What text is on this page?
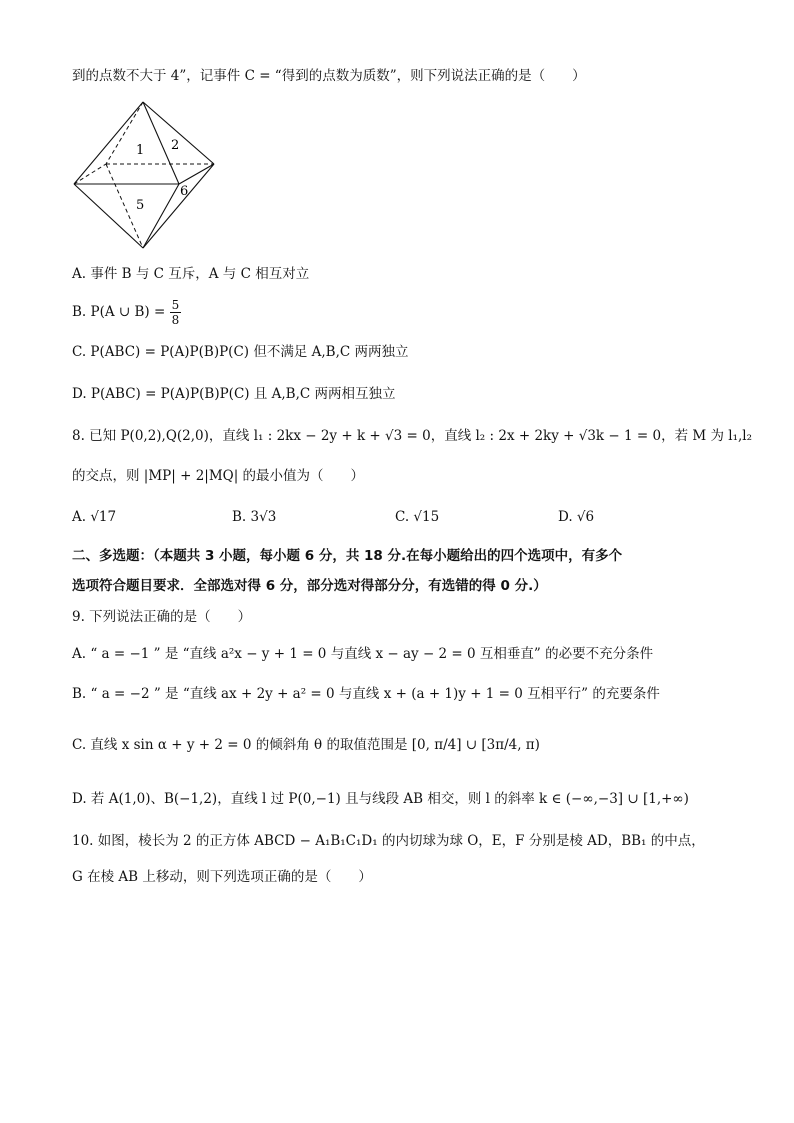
到的点数不大于 4”，记事件 C = “得到的点数为质数”，则下列说法正确的是（　　）
1 2
5
6
A. 事件 B 与 C 互斥，A 与 C 相互对立
B. P(A ∪ $B) = \frac{5}{8}$
C. P(ABC) = P(A)P(B)P(C) 但不满足 A,B,C 两两独立
D. P(ABC) = P(A)P(B)P(C) 且 A,B,C 两两相互独立
8. 已知 P(0,2),Q(2,0)，直线 l₁ : 2kx − 2y + k + √3 = 0，直线 l₂ : 2x + 2ky + √3k − 1 = 0，若 M 为 l₁,l₂
的交点，则 |MP| + 2|MQ| 的最小值为（　　）
A. √17	B. 3√3	C. √15	D. √6
二、多选题：（本题共 3 小题，每小题 6 分，共 18 分.在每小题给出的四个选项中，有多个
选项符合题目要求．全部选对得 6 分，部分选对得部分分，有选错的得 0 分.）
9. 下列说法正确的是（　　）
A. “ a = −1 ” 是 “直线 a²x − y + 1 = 0 与直线 x − ay − 2 = 0 互相垂直” 的必要不充分条件
B. “ a = −2 ” 是 “直线 ax + 2y + a² = 0 与直线 x + (a + 1)y + 1 = 0 互相平行” 的充要条件
C. 直线 x sin α + y + 2 = 0 的倾斜角 θ 的取值范围是 [0, π/4] ∪ [3π/4, π)
D. 若 A(1,0)、B(−1,2)，直线 l 过 P(0,−1) 且与线段 AB 相交，则 l 的斜率 k ∈ (−∞,−3] ∪ [1,+∞)
10. 如图，棱长为 2 的正方体 ABCD − A₁B₁C₁D₁ 的内切球为球 O，E，F 分别是棱 AD，BB₁ 的中点，
G 在棱 AB 上移动，则下列选项正确的是（　　）
